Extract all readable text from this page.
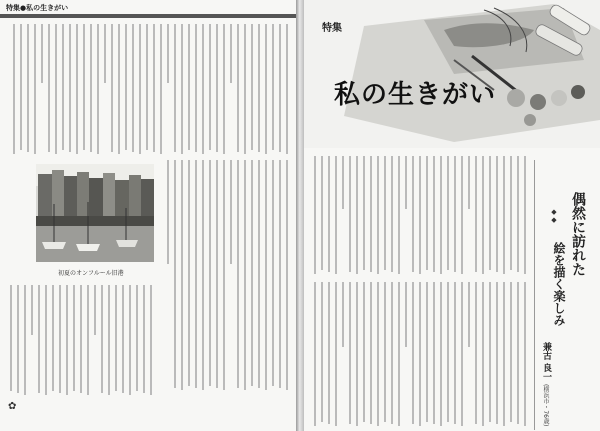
特集●私の生きがい
初夏のオンフルール旧港
✿
特集
私の生きがい
偶然に訪れた
絵を描く楽しみ
◆◆
兼古 良一
(横浜市・76歳)
